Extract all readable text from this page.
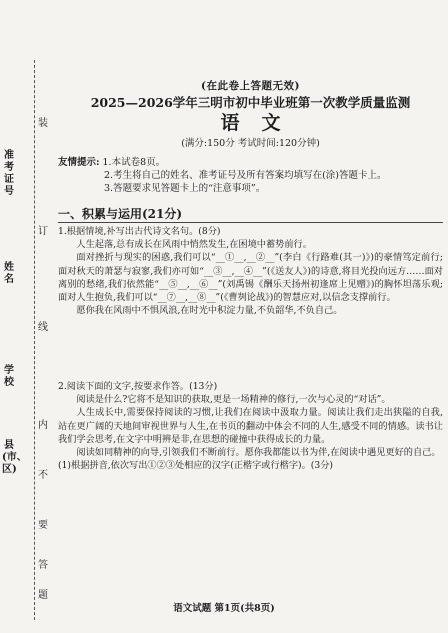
准考证号
姓名
学校
县(市、区)
装
订
线
内
不
要
答
题
(在此卷上答题无效)
2025—2026学年三明市初中毕业班第一次教学质量监测
语文
(满分:150分 考试时间:120分钟)
友情提示: 1.本试卷8页。
2.考生将自己的姓名、准考证号及所有答案均填写在(涂)答题卡上。
3.答题要求见答题卡上的“注意事项”。
一、积累与运用(21分)

1.根据情境,补写出古代诗文名句。(8分)

人生起落,总有成长在风雨中悄然发生,在困境中蓄势前行。

面对挫折与现实的困惑,我们可以“__①__,__②__”(李白《行路难(其一)》)的豪情笃定前行;面对秋天的萧瑟与寂寥,我们亦可如“__③__,__④__”(《送友人》)的诗意,将目光投向远方……面对离别的愁绪,我们依然能“__⑤__,__⑥__”(刘禹锡《酬乐天扬州初逢席上见赠》)的胸怀坦荡乐观;面对人生抱负,我们可以“__⑦__,__⑧__”(《曹刿论战》)的智慧应对,以信念支撑前行。

愿你我在风雨中不惧风浪,在时光中积淀力量,不负韶华,不负自己。

2.阅读下面的文字,按要求作答。(13分)

阅读是什么?它将不是知识的获取,更是一场精神的修行,一次与心灵的“对话”。

人生成长中,需要保持阅读的习惯,让我们在阅读中汲取力量。阅读让我们走出狭隘的自我,站在更广阔的天地间审视世界与人生,在书页的翻动中体会不同的人生,感受不同的情感。读书让我们学会思考,在文字中明辨是非,在思想的碰撞中获得成长的力量。

阅读如同精神的向导,引领我们不断前行。愿你我都能以书为伴,在阅读中遇见更好的自己。

(1)根据拼音,依次写出①②③处相应的汉字(正楷字或行楷字)。(3分)

语文试题 第1页(共8页)
